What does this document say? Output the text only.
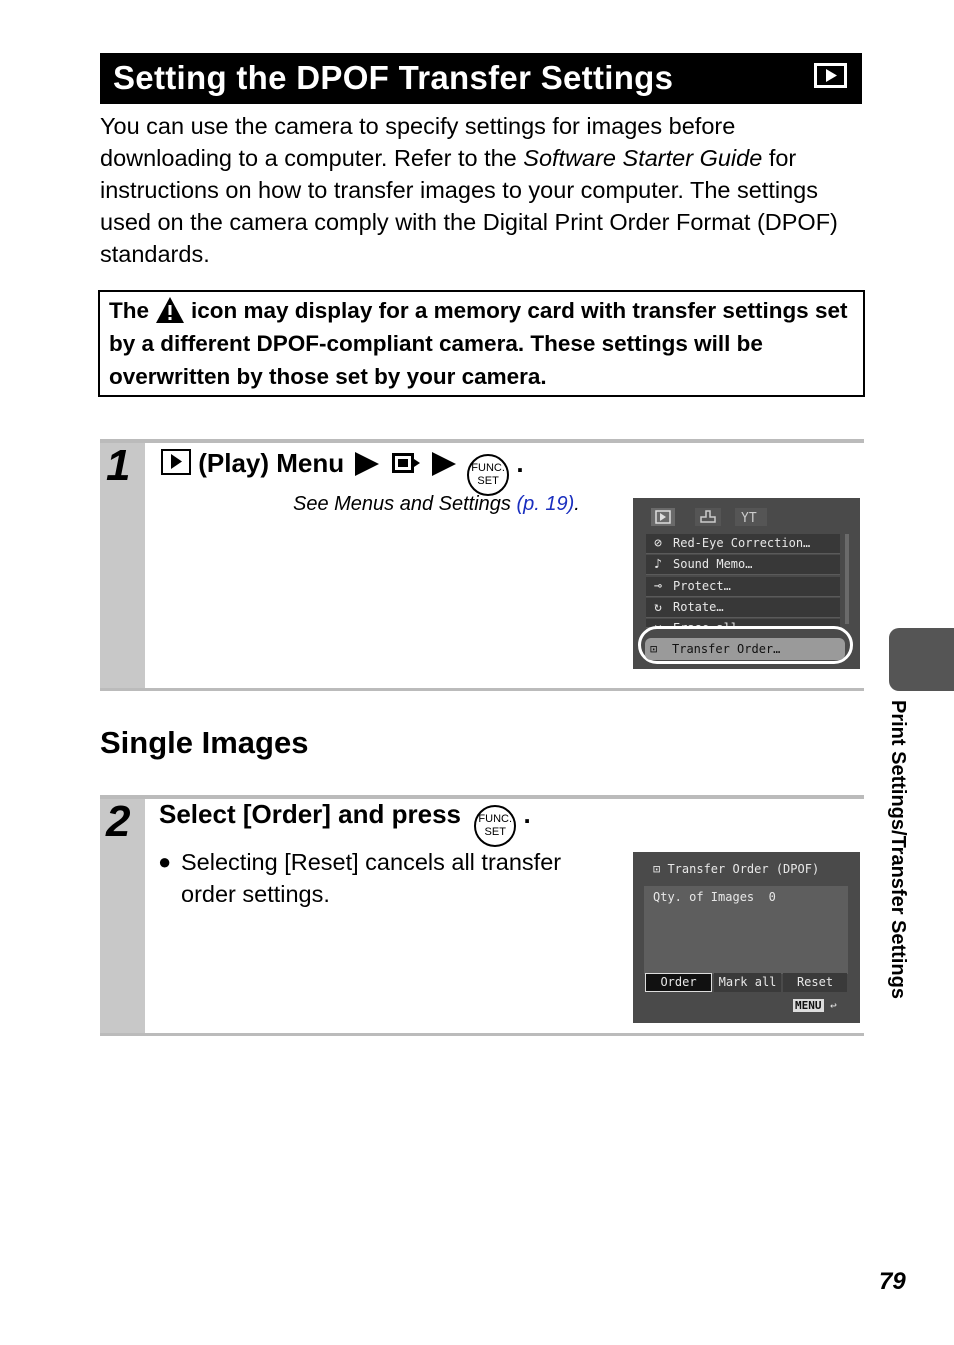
Setting the DPOF Transfer Settings
You can use the camera to specify settings for images before downloading to a computer. Refer to the Software Starter Guide for instructions on how to transfer images to your computer. The settings used on the camera comply with the Digital Print Order Format (DPOF) standards.
The icon may display for a memory card with transfer settings set by a different DPOF-compliant camera. These settings will be overwritten by those set by your camera.
1	(Play) Menu	FUNC.
SET .
See Menus and Settings (p. 19).
YT
⊘ Red-Eye Correction…
♪ Sound Memo…
⊸ Protect…
↻ Rotate…
⊡ Transfer Order…
Single Images
2 Select [Order] and press FUNC.
SET .
⊡ Transfer Order (DPOF)
Qty. of Images  0
Order	Mark all	Reset
MENU ↩
● Selecting [Reset] cancels all transfer order settings.	Print Settings/Transfer Settings
79
